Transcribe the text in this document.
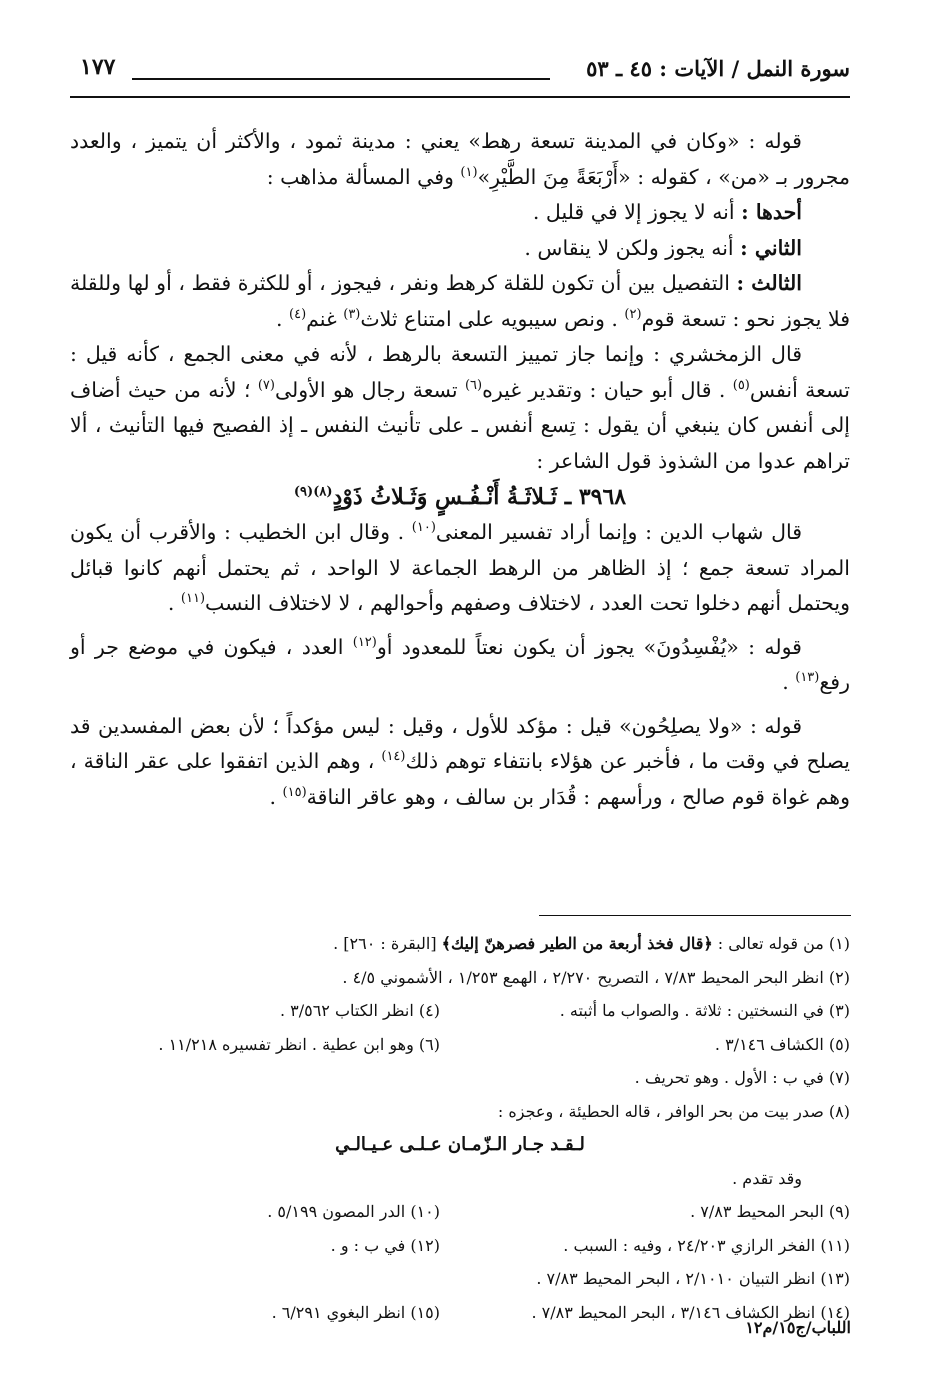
سورة النمل / الآيات : ٤٥ ـ ٥٣
١٧٧

قوله : «وكان في المدينة تسعة رهط» يعني : مدينة ثمود ، والأكثر أن يتميز ، والعدد مجرور بـ «من» ، كقوله : «أَرْبَعَةً مِنَ الطَّيْرِ»$^{(١)}$ وفي المسألة مذاهب :

أحدها : أنه لا يجوز إلا في قليل .

الثاني : أنه يجوز ولكن لا ينقاس .

الثالث : التفصيل بين أن تكون للقلة كرهط ونفر ، فيجوز ، أو للكثرة فقط ، أو لها وللقلة فلا يجوز نحو : تسعة قوم$^{(٢)}$ . ونص سيبويه على امتناع ثلاث$^{(٣)}$ غنم$^{(٤)}$ .

قال الزمخشري : وإنما جاز تمييز التسعة بالرهط ، لأنه في معنى الجمع ، كأنه قيل : تسعة أنفس$^{(٥)}$ . قال أبو حيان : وتقدير غيره$^{(٦)}$ تسعة رجال هو الأولى$^{(٧)}$ ؛ لأنه من حيث أضاف إلى أنفس كان ينبغي أن يقول : تِسع أنفس ـ على تأنيث النفس ـ إذ الفصيح فيها التأنيث ، ألا تراهم عدوا من الشذوذ قول الشاعر :

٣٩٦٨ ـ ثَـلاثَـةُ أَنْـفُـسٍ وَثَـلاثُ ذَوْدٍ$^{(٨)(٩)}$

قال شهاب الدين : وإنما أراد تفسير المعنى$^{(١٠)}$ . وقال ابن الخطيب : والأقرب أن يكون المراد تسعة جمع ؛ إذ الظاهر من الرهط الجماعة لا الواحد ، ثم يحتمل أنهم كانوا قبائل ويحتمل أنهم دخلوا تحت العدد ، لاختلاف وصفهم وأحوالهم ، لا لاختلاف النسب$^{(١١)}$ .

قوله : «يُفْسِدُونَ» يجوز أن يكون نعتاً للمعدود أو$^{(١٢)}$ العدد ، فيكون في موضع جر أو رفع$^{(١٣)}$ .

قوله : «ولا يصلِحُون» قيل : مؤكد للأول ، وقيل : ليس مؤكداً ؛ لأن بعض المفسدين قد يصلح في وقت ما ، فأخبر عن هؤلاء بانتفاء توهم ذلك$^{(١٤)}$ ، وهم الذين اتفقوا على عقر الناقة ، وهم غواة قوم صالح ، ورأسهم : قُدَار بن سالف ، وهو عاقر الناقة$^{(١٥)}$ .

(١) من قوله تعالى : ﴿قال فخذ أربعة من الطير فصرهنّ إليك﴾ [البقرة : ٢٦٠] .
(٢) انظر البحر المحيط ٧/٨٣ ، التصريح ٢/٢٧٠ ، الهمع ١/٢٥٣ ، الأشموني ٤/٥ .
(٣) في النسختين : ثلاثة . والصواب ما أثبته .
(٤) انظر الكتاب ٣/٥٦٢ .
(٥) الكشاف ٣/١٤٦ .
(٦) وهو ابن عطية . انظر تفسيره ١١/٢١٨ .
(٧) في ب : الأول . وهو تحريف .
(٨) صدر بيت من بحر الوافر ، قاله الحطيئة ، وعجزه :
لـقـد جـار الـزّمـان عـلـى عـيـالـي
وقد تقدم .
(٩) البحر المحيط ٧/٨٣ .
(١٠) الدر المصون ٥/١٩٩ .
(١١) الفخر الرازي ٢٤/٢٠٣ ، وفيه : السبب .
(١٢) في ب : و .
(١٣) انظر التبيان ٢/١٠١٠ ، البحر المحيط ٧/٨٣ .
(١٤) انظر الكشاف ٣/١٤٦ ، البحر المحيط ٧/٨٣ .
(١٥) انظر البغوي ٦/٢٩١ .
اللباب/ج١٥/م١٢
